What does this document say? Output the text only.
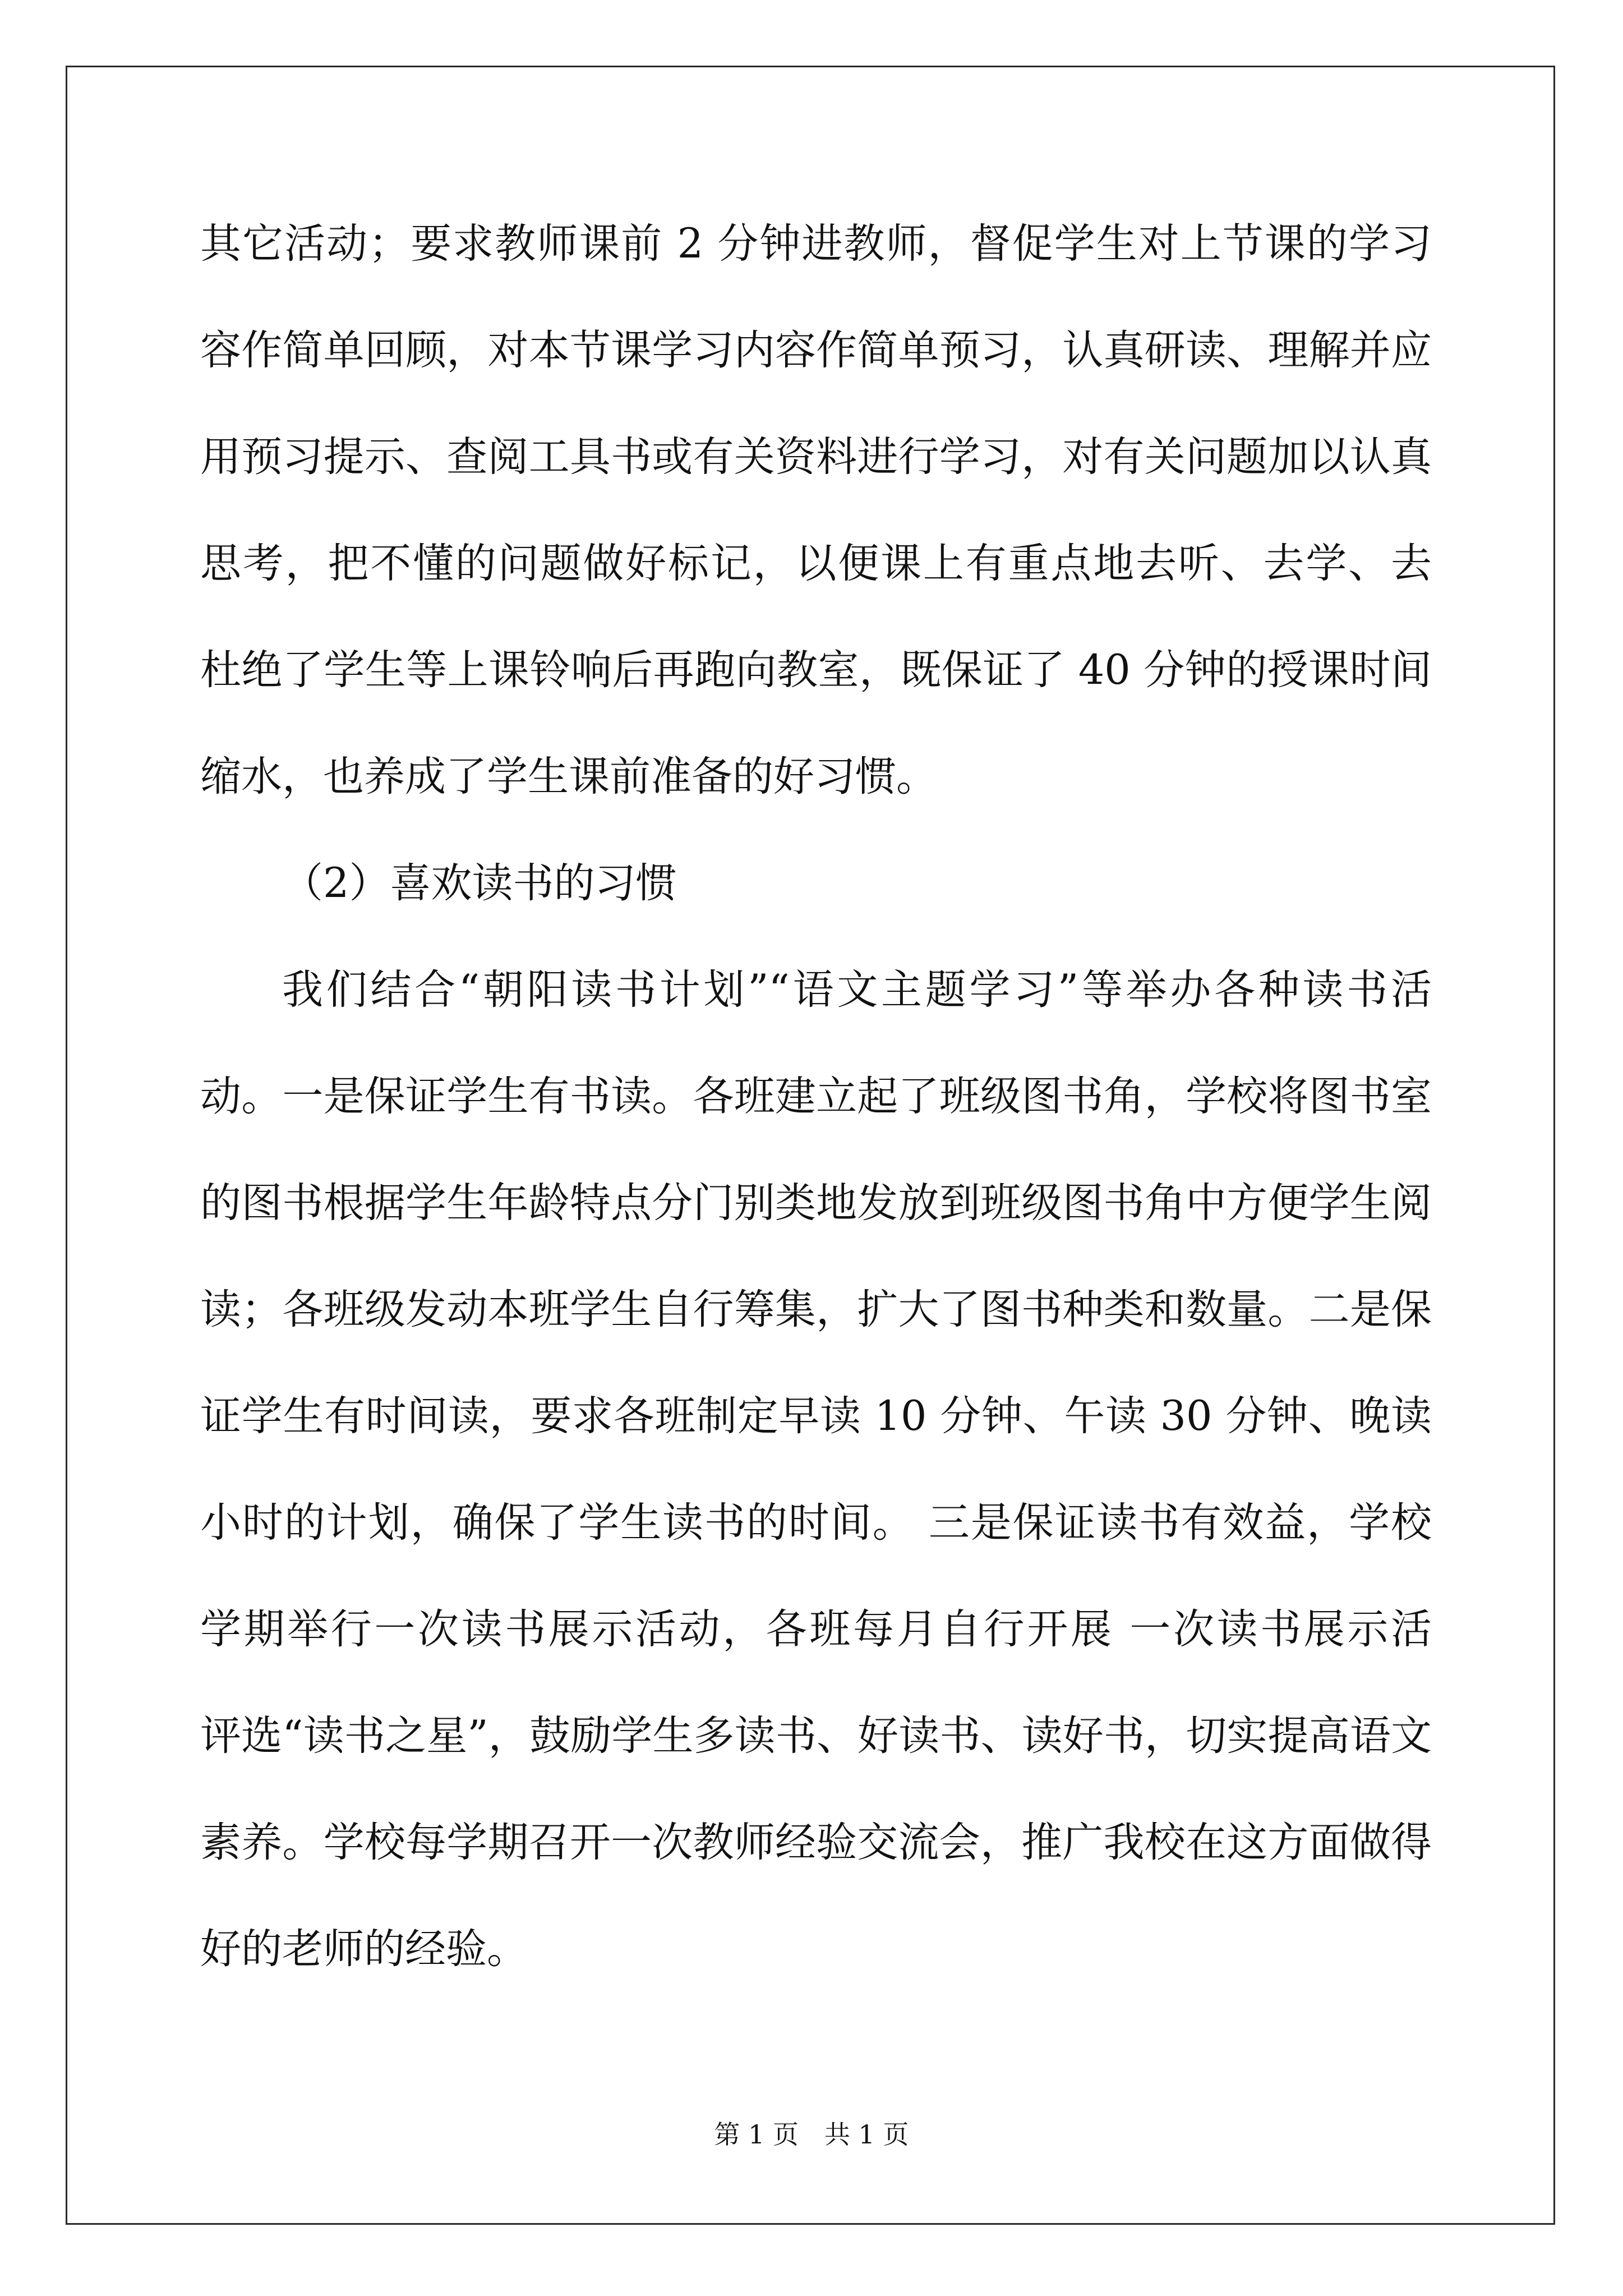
其它活动；要求教师课前 2 分钟进教师，督促学生对上节课的学习
容作简单回顾，对本节课学习内容作简单预习，认真研读、理解并应
用预习提示、查阅工具书或有关资料进行学习，对有关问题加以认真
思考，把不懂的问题做好标记，以便课上有重点地去听、去学、去
杜绝了学生等上课铃响后再跑向教室，既保证了 40 分钟的授课时间
缩水，也养成了学生课前准备的好习惯。
（2）喜欢读书的习惯
我们结合“朝阳读书计划”“语文主题学习”等举办各种读书活
动。一是保证学生有书读。各班建立起了班级图书角，学校将图书室
的图书根据学生年龄特点分门别类地发放到班级图书角中方便学生阅
读；各班级发动本班学生自行筹集，扩大了图书种类和数量。二是保
证学生有时间读，要求各班制定早读 10 分钟、午读 30 分钟、晚读
小时的计划，确保了学生读书的时间。 三是保证读书有效益，学校
学期举行一次读书展示活动，各班每月自行开展 一次读书展示活
评选“读书之星”，鼓励学生多读书、好读书、读好书，切实提高语文
素养。学校每学期召开一次教师经验交流会，推广我校在这方面做得
好的老师的经验。
第 1 页　共 1 页
